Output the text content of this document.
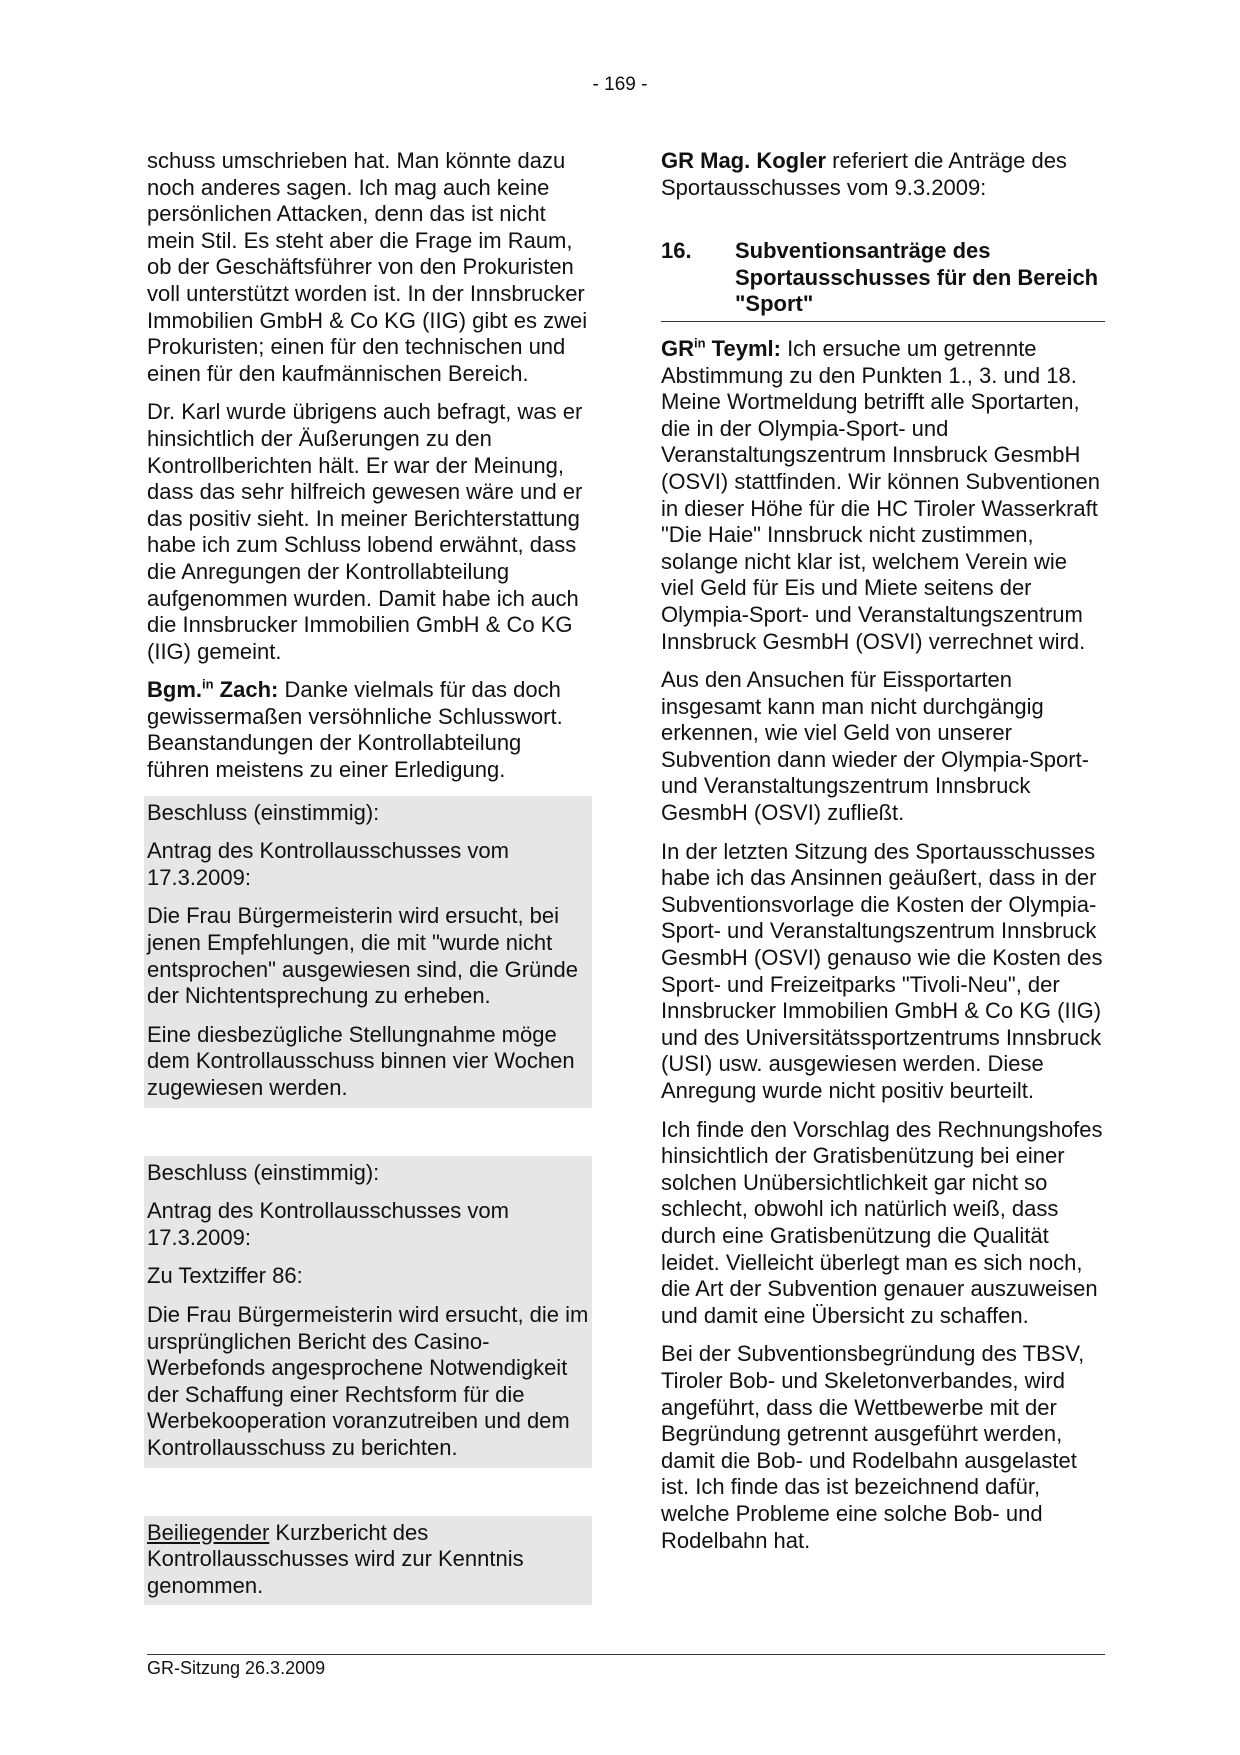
- 169 -

schuss umschrieben hat. Man könnte dazu noch anderes sagen. Ich mag auch keine persönlichen Attacken, denn das ist nicht mein Stil. Es steht aber die Frage im Raum, ob der Geschäftsführer von den Prokuristen voll unterstützt worden ist. In der Innsbrucker Immobilien GmbH & Co KG (IIG) gibt es zwei Prokuristen; einen für den technischen und einen für den kaufmännischen Bereich.

Dr. Karl wurde übrigens auch befragt, was er hinsichtlich der Äußerungen zu den Kontrollberichten hält. Er war der Meinung, dass das sehr hilfreich gewesen wäre und er das positiv sieht. In meiner Berichterstattung habe ich zum Schluss lobend erwähnt, dass die Anregungen der Kontrollabteilung aufgenommen wurden. Damit habe ich auch die Innsbrucker Immobilien GmbH & Co KG (IIG) gemeint.

Bgm.$^{in}$ Zach: Danke vielmals für das doch gewissermaßen versöhnliche Schlusswort. Beanstandungen der Kontrollabteilung führen meistens zu einer Erledigung.

Beschluss (einstimmig):

Antrag des Kontrollausschusses vom 17.3.2009:

Die Frau Bürgermeisterin wird ersucht, bei jenen Empfehlungen, die mit "wurde nicht entsprochen" ausgewiesen sind, die Gründe der Nichtentsprechung zu erheben.

Eine diesbezügliche Stellungnahme möge dem Kontrollausschuss binnen vier Wochen zugewiesen werden.

Beschluss (einstimmig):

Antrag des Kontrollausschusses vom 17.3.2009:

Zu Textziffer 86:

Die Frau Bürgermeisterin wird ersucht, die im ursprünglichen Bericht des Casino-Werbefonds angesprochene Notwendigkeit der Schaffung einer Rechtsform für die Werbekooperation voranzutreiben und dem Kontrollausschuss zu berichten.

Beiliegender Kurzbericht des Kontrollausschusses wird zur Kenntnis genommen.

GR Mag. Kogler referiert die Anträge des Sportausschusses vom 9.3.2009:

16.	Subventionsanträge des Sportausschusses für den Bereich "Sport"

$GR^{in}$ Teyml: Ich ersuche um getrennte Abstimmung zu den Punkten 1., 3. und 18. Meine Wortmeldung betrifft alle Sportarten, die in der Olympia-Sport- und Veranstaltungszentrum Innsbruck GesmbH (OSVI) stattfinden. Wir können Subventionen in dieser Höhe für die HC Tiroler Wasserkraft "Die Haie" Innsbruck nicht zustimmen, solange nicht klar ist, welchem Verein wie viel Geld für Eis und Miete seitens der Olympia-Sport- und Veranstaltungszentrum Innsbruck GesmbH (OSVI) verrechnet wird.

Aus den Ansuchen für Eissportarten insgesamt kann man nicht durchgängig erkennen, wie viel Geld von unserer Subvention dann wieder der Olympia-Sport- und Veranstaltungszentrum Innsbruck GesmbH (OSVI) zufließt.

In der letzten Sitzung des Sportausschusses habe ich das Ansinnen geäußert, dass in der Subventionsvorlage die Kosten der Olympia-Sport- und Veranstaltungszentrum Innsbruck GesmbH (OSVI) genauso wie die Kosten des Sport- und Freizeitparks "Tivoli-Neu", der Innsbrucker Immobilien GmbH & Co KG (IIG) und des Universitätssportzentrums Innsbruck (USI) usw. ausgewiesen werden. Diese Anregung wurde nicht positiv beurteilt.

Ich finde den Vorschlag des Rechnungshofes hinsichtlich der Gratisbenützung bei einer solchen Unübersichtlichkeit gar nicht so schlecht, obwohl ich natürlich weiß, dass durch eine Gratisbenützung die Qualität leidet. Vielleicht überlegt man es sich noch, die Art der Subvention genauer auszuweisen und damit eine Übersicht zu schaffen.

Bei der Subventionsbegründung des TBSV, Tiroler Bob- und Skeletonverbandes, wird angeführt, dass die Wettbewerbe mit der Begründung getrennt ausgeführt werden, damit die Bob- und Rodelbahn ausgelastet ist. Ich finde das ist bezeichnend dafür, welche Probleme eine solche Bob- und Rodelbahn hat.

GR-Sitzung 26.3.2009
